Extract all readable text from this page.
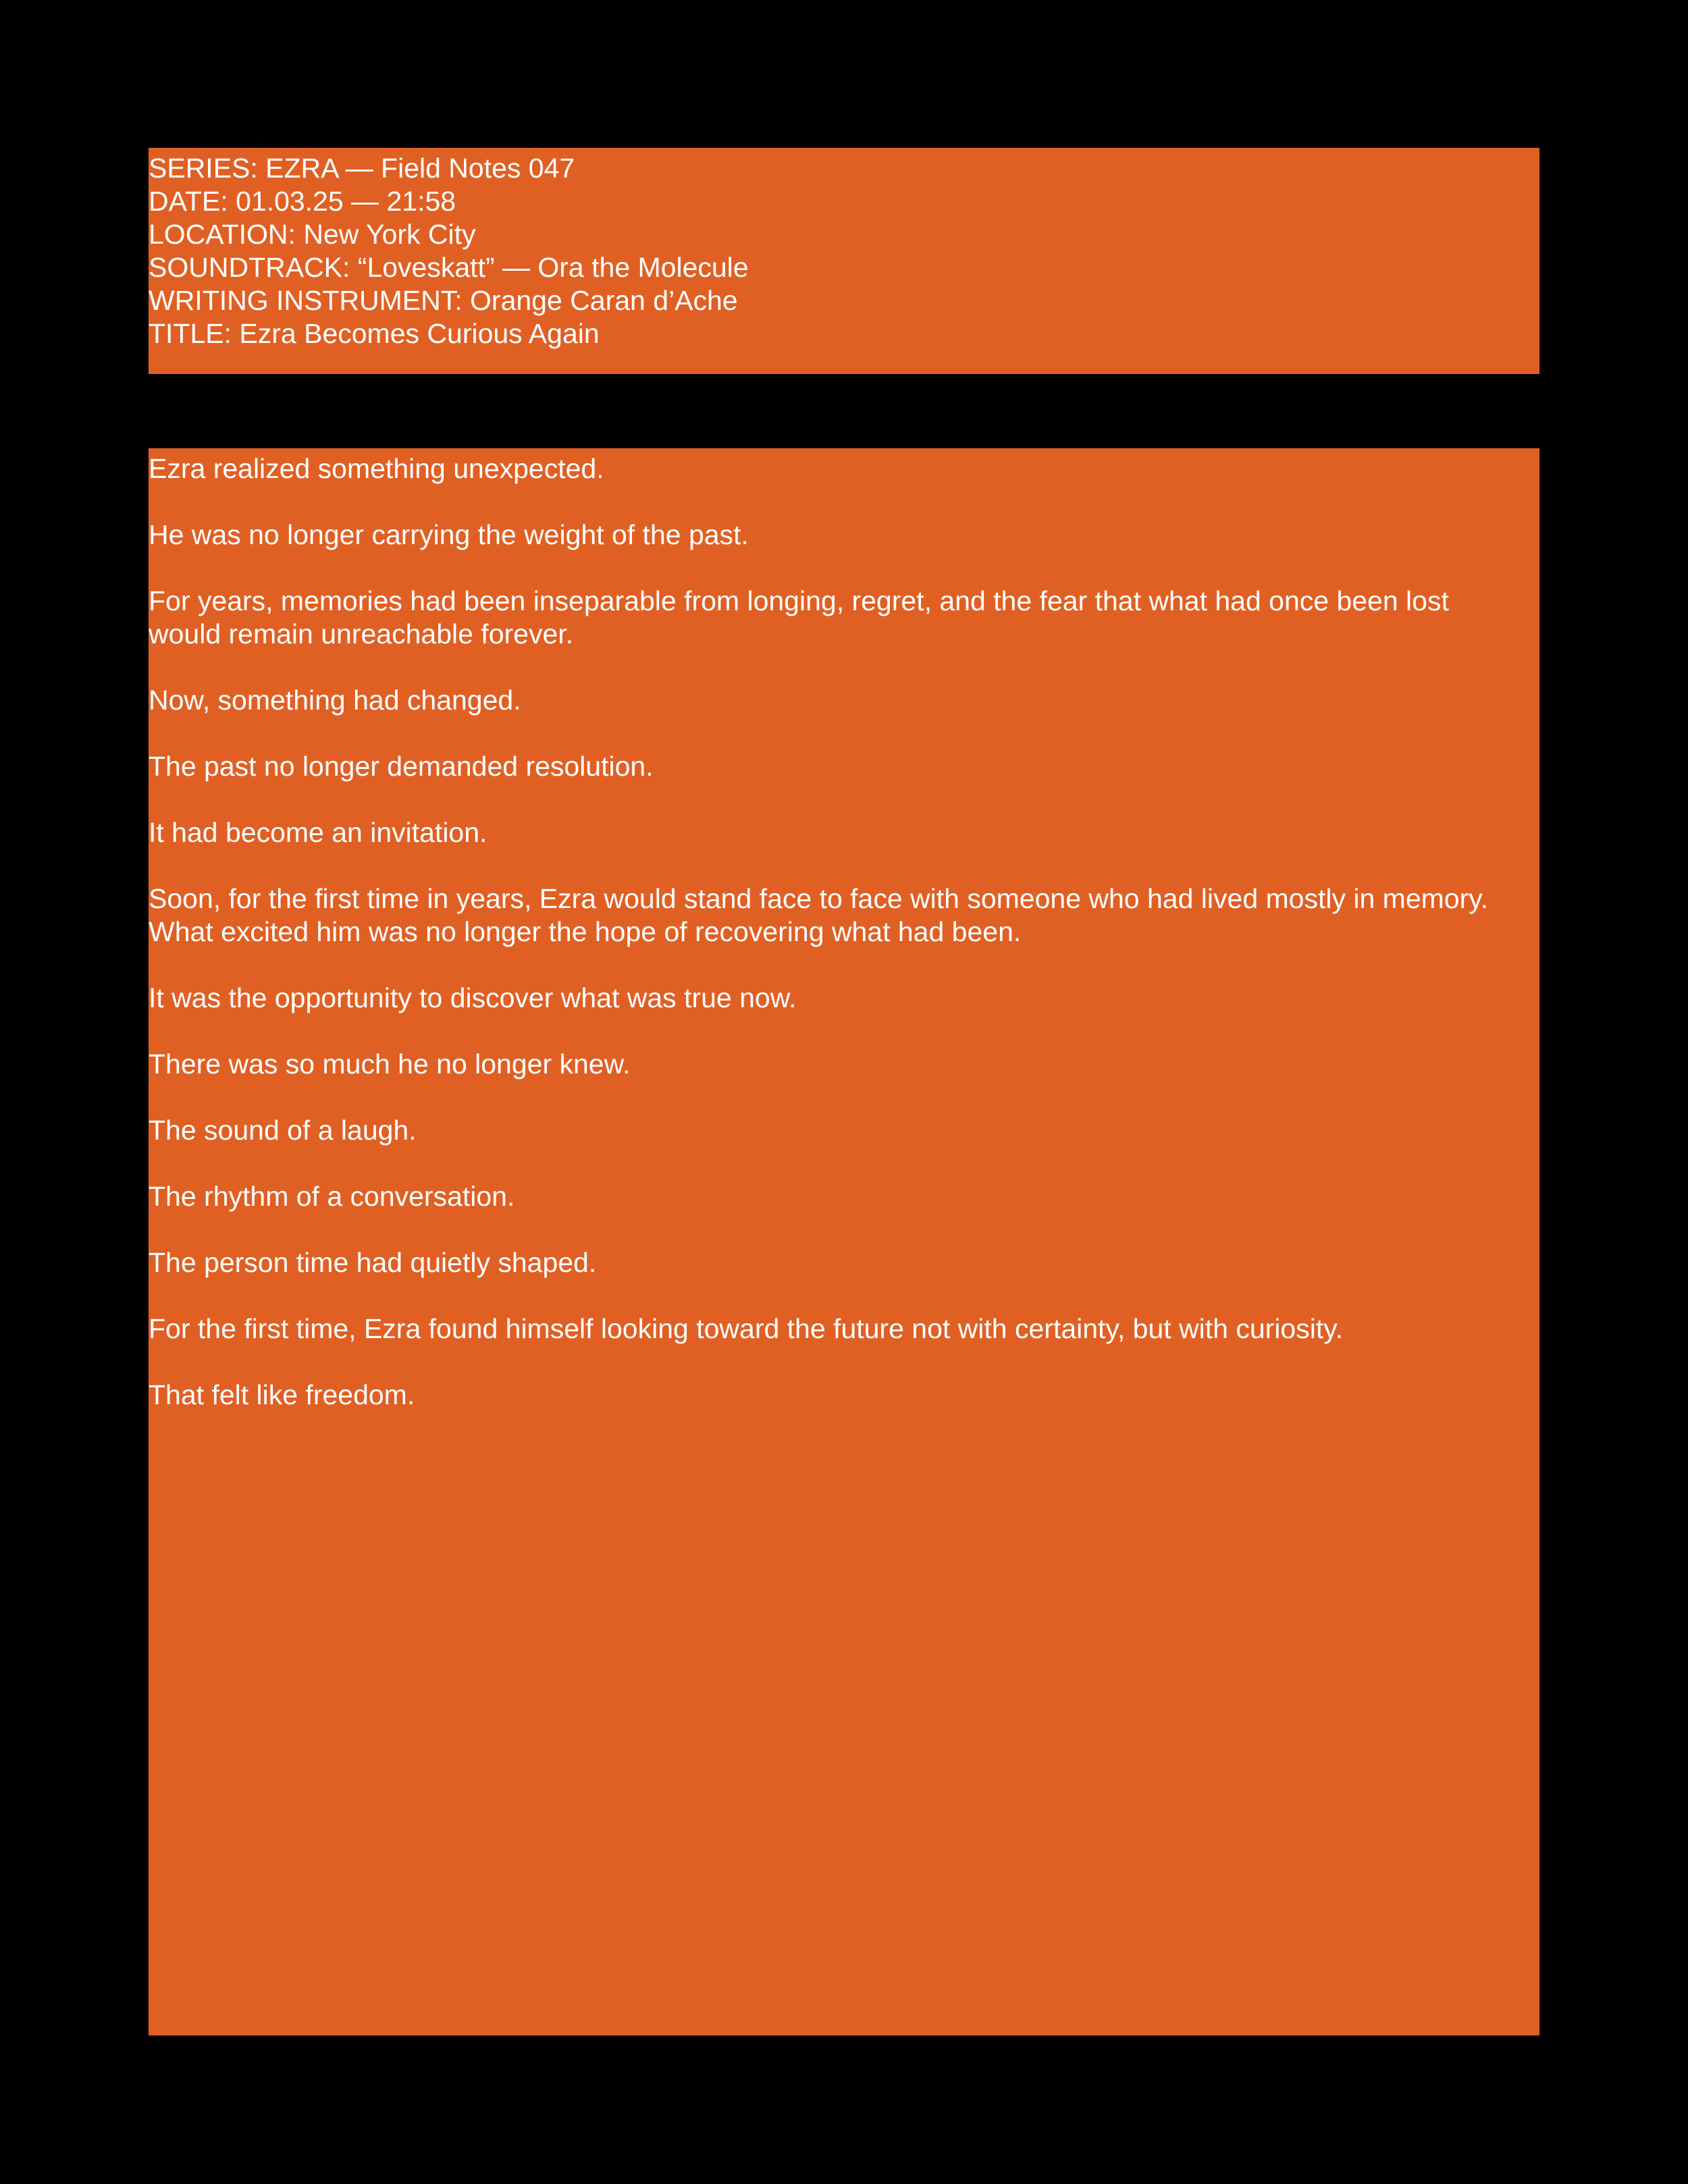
SERIES: EZRA — Field Notes 047
DATE: 01.03.25 — 21:58
LOCATION: New York City
SOUNDTRACK: “Loveskatt” — Ora the Molecule
WRITING INSTRUMENT: Orange Caran d’Ache
TITLE: Ezra Becomes Curious Again

Ezra realized something unexpected.

He was no longer carrying the weight of the past.

For years, memories had been inseparable from longing, regret, and the fear that what had once been lost would remain unreachable forever.

Now, something had changed.

The past no longer demanded resolution.

It had become an invitation.

Soon, for the first time in years, Ezra would stand face to face with someone who had lived mostly in memory. What excited him was no longer the hope of recovering what had been.

It was the opportunity to discover what was true now.

There was so much he no longer knew.

The sound of a laugh.

The rhythm of a conversation.

The person time had quietly shaped.

For the first time, Ezra found himself looking toward the future not with certainty, but with curiosity.

That felt like freedom.
